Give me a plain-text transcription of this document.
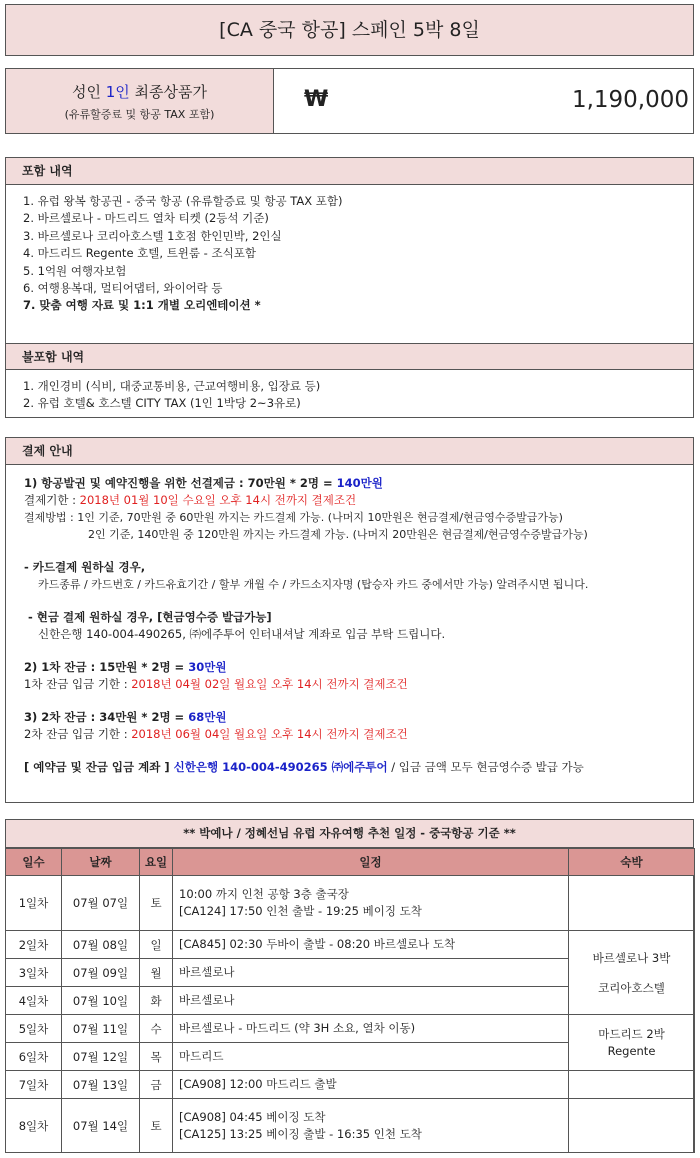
[CA 중국 항공] 스페인 5박 8일
성인 1인 최종상품가
(유류할증료 및 항공 TAX 포함)
₩	1,190,000
포함 내역
1. 유럽 왕복 항공권 - 중국 항공 (유류할증료 및 항공 TAX 포함)
2. 바르셀로나 - 마드리드 열차 티켓 (2등석 기준)
3. 바르셀로나 코리아호스텔 1호점 한인민박, 2인실
4. 마드리드 Regente 호텔, 트윈룸 - 조식포함
5. 1억원 여행자보험
6. 여행용복대, 멀티어댑터, 와이어락 등
7. 맞춤 여행 자료 및 1:1 개별 오리엔테이션 *
불포함 내역
1. 개인경비 (식비, 대중교통비용, 근교여행비용, 입장료 등)
2. 유럽 호텔& 호스텔 CITY TAX (1인 1박당 2~3유로)
결제 안내
1) 항공발권 및 예약진행을 위한 선결제금 : 70만원 * 2명 = 140만원
결제기한 : 2018년 01월 10일 수요일 오후 14시 전까지 결제조건
결제방법 : 1인 기준, 70만원 중 60만원 까지는 카드결제 가능. (나머지 10만원은 현금결제/현금영수증발급가능)
2인 기준, 140만원 중 120만원 까지는 카드결제 가능. (나머지 20만원은 현금결제/현금영수증발급가능)
- 카드결제 원하실 경우,
카드종류 / 카드번호 / 카드유효기간 / 할부 개월 수 / 카드소지자명 (탑승자 카드 중에서만 가능) 알려주시면 됩니다.
- 현금 결제 원하실 경우, [현금영수증 발급가능]
신한은행 140-004-490265, ㈜에주투어 인터내셔날 계좌로 입금 부탁 드립니다.
2) 1차 잔금 : 15만원 * 2명 = 30만원
1차 잔금 입금 기한 : 2018년 04월 02일 월요일 오후 14시 전까지 결제조건
3) 2차 잔금 : 34만원 * 2명 = 68만원
2차 잔금 입금 기한 : 2018년 06월 04일 월요일 오후 14시 전까지 결제조건
[ 예약금 및 잔금 입금 계좌 ] 신한은행 140-004-490265 ㈜에주투어 / 입금 금액 모두 현금영수증 발급 가능
** 박예나 / 정혜선님 유럽 자유여행 추천 일정 - 중국항공 기준 **
일수	날짜	요일	일정	숙박
1일차	07월 07일	토	10:00 까지 인천 공항 3층 출국장
[CA124] 17:50 인천 출발 - 19:25 베이징 도착	

2일차	07월 08일	일	[CA845] 02:30 두바이 출발 - 08:20 바르셀로나 도착	바르셀로나 3박
코리아호스텔

3일차	07월 09일	월	바르셀로나	
4일차	07월 10일	화	바르셀로나	
5일차	07월 11일	수	바르셀로나 - 마드리드 (약 3H 소요, 열차 이동)	마드리드 2박
Regente

6일차	07월 12일	목	마드리드	
7일차	07월 13일	금	[CA908] 12:00 마드리드 출발	
8일차	07월 14일	토	[CA908] 04:45 베이징 도착
[CA125] 13:25 베이징 출발 - 16:35 인천 도착	
